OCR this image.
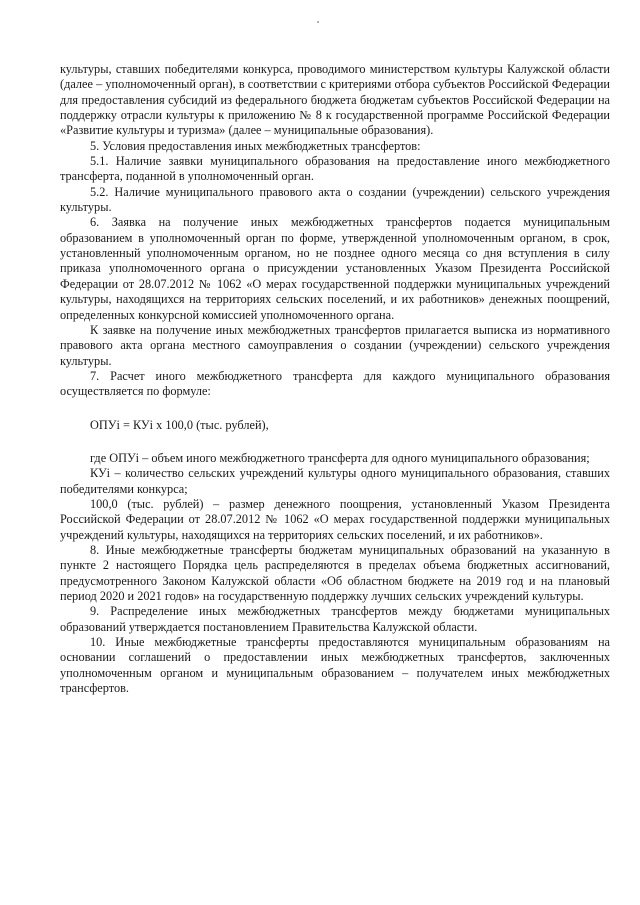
культуры, ставших победителями конкурса, проводимого министерством культуры Калужской области (далее – уполномоченный орган), в соответствии с критериями отбора субъектов Российской Федерации для предоставления субсидий из федерального бюджета бюджетам субъектов Российской Федерации на поддержку отрасли культуры к приложению № 8 к государственной программе Российской Федерации «Развитие культуры и туризма» (далее – муниципальные образования).

5. Условия предоставления иных межбюджетных трансфертов:

5.1. Наличие заявки муниципального образования на предоставление иного межбюджетного трансферта, поданной в уполномоченный орган.

5.2. Наличие муниципального правового акта о создании (учреждении) сельского учреждения культуры.

6. Заявка на получение иных межбюджетных трансфертов подается муниципальным образованием в уполномоченный орган по форме, утвержденной уполномоченным органом, в срок, установленный уполномоченным органом, но не позднее одного месяца со дня вступления в силу приказа уполномоченного органа о присуждении установленных Указом Президента Российской Федерации от 28.07.2012 № 1062 «О мерах государственной поддержки муниципальных учреждений культуры, находящихся на территориях сельских поселений, и их работников» денежных поощрений, определенных конкурсной комиссией уполномоченного органа.

К заявке на получение иных межбюджетных трансфертов прилагается выписка из нормативного правового акта органа местного самоуправления о создании (учреждении) сельского учреждения культуры.

7. Расчет иного межбюджетного трансферта для каждого муниципального образования осуществляется по формуле:

ОПУi = КУi х 100,0 (тыс. рублей),

где ОПУi – объем иного межбюджетного трансферта для одного муниципального образования;

КУi – количество сельских учреждений культуры одного муниципального образования, ставших победителями конкурса;

100,0 (тыс. рублей) – размер денежного поощрения, установленный Указом Президента Российской Федерации от 28.07.2012 № 1062 «О мерах государственной поддержки муниципальных учреждений культуры, находящихся на территориях сельских поселений, и их работников».

8. Иные межбюджетные трансферты бюджетам муниципальных образований на указанную в пункте 2 настоящего Порядка цель распределяются в пределах объема бюджетных ассигнований, предусмотренного Законом Калужской области «Об областном бюджете на 2019 год и на плановый период 2020 и 2021 годов» на государственную поддержку лучших сельских учреждений культуры.

9. Распределение иных межбюджетных трансфертов между бюджетами муниципальных образований утверждается постановлением Правительства Калужской области.

10. Иные межбюджетные трансферты предоставляются муниципальным образованиям на основании соглашений о предоставлении иных межбюджетных трансфертов, заключенных уполномоченным органом и муниципальным образованием – получателем иных межбюджетных трансфертов.
